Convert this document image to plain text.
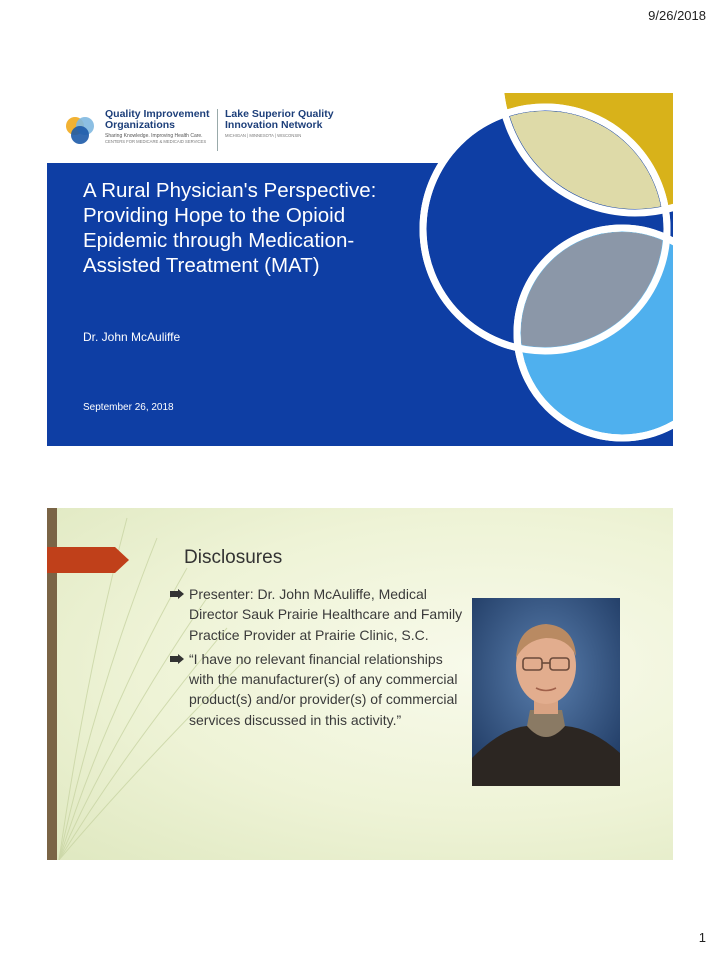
9/26/2018
Quality Improvement Organizations
Sharing Knowledge. Improving Health Care.
CENTERS FOR MEDICARE & MEDICAID SERVICES
Lake Superior Quality Innovation Network
MICHIGAN | MINNESOTA | WISCONSIN
A Rural Physician's Perspective: Providing Hope to the Opioid Epidemic through Medication-Assisted Treatment (MAT)
Dr. John McAuliffe
September 26, 2018
Disclosures
Presenter: Dr. John McAuliffe, Medical Director Sauk Prairie Healthcare and Family Practice Provider at Prairie Clinic, S.C.
“I have no relevant financial relationships with the manufacturer(s) of any commercial product(s) and/or provider(s) of commercial services discussed in this activity.”
1
